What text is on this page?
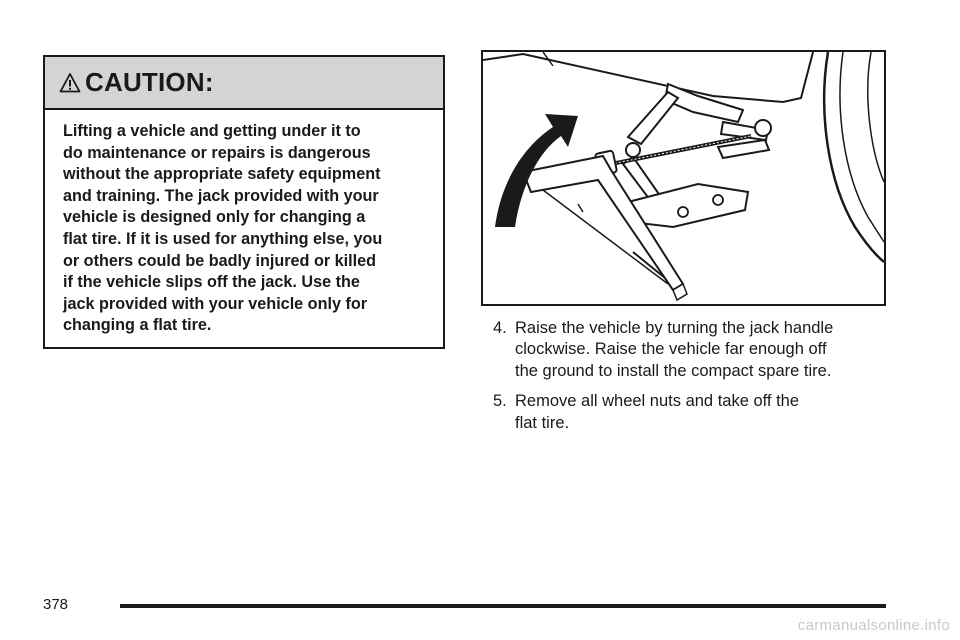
CAUTION:
Lifting a vehicle and getting under it to
do maintenance or repairs is dangerous
without the appropriate safety equipment
and training. The jack provided with your
vehicle is designed only for changing a
flat tire. If it is used for anything else, you
or others could be badly injured or killed
if the vehicle slips off the jack. Use the
jack provided with your vehicle only for
changing a flat tire.	4. Raise the vehicle by turning the jack handle
clockwise. Raise the vehicle far enough off
the ground to install the compact spare tire.
5. Remove all wheel nuts and take off the
flat tire.
378
carmanualsonline.info
